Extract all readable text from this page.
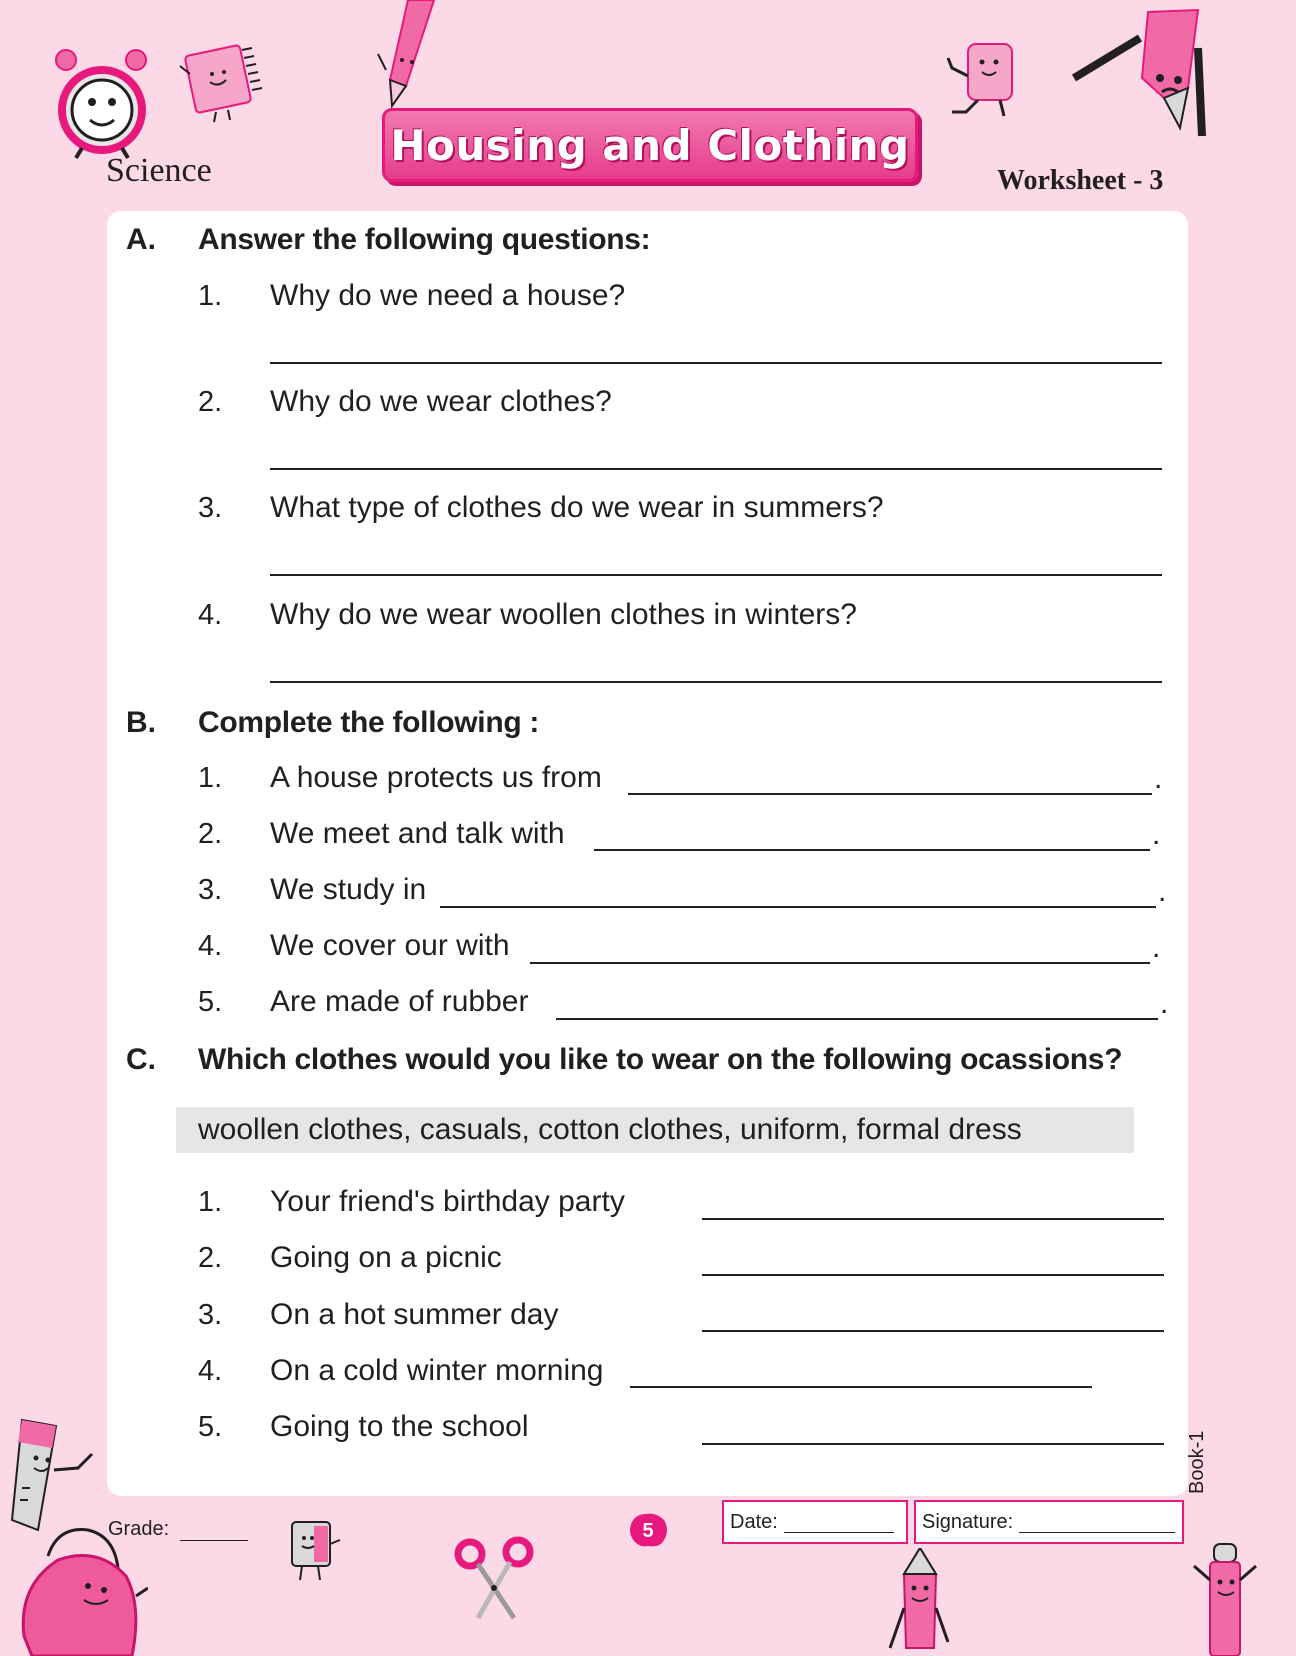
Science
Housing and Clothing
Worksheet - 3
A. Answer the following questions:
1. Why do we need a house?
2. Why do we wear clothes?
3. What type of clothes do we wear in summers?
4. Why do we wear woollen clothes in winters?
B. Complete the following :
1. A house protects us from	.
2. We meet and talk with	.
3. We study in	.
4. We cover our with	.
5. Are made of rubber	.
C. Which clothes would you like to wear on the following ocassions?
woollen clothes, casuals, cotton clothes, uniform, formal dress
1. Your friend's birthday party
2. Going on a picnic
3. On a hot summer day
4. On a cold winter morning
5. Going to the school
Book-1
Grade:	5	Date:	Signature:
